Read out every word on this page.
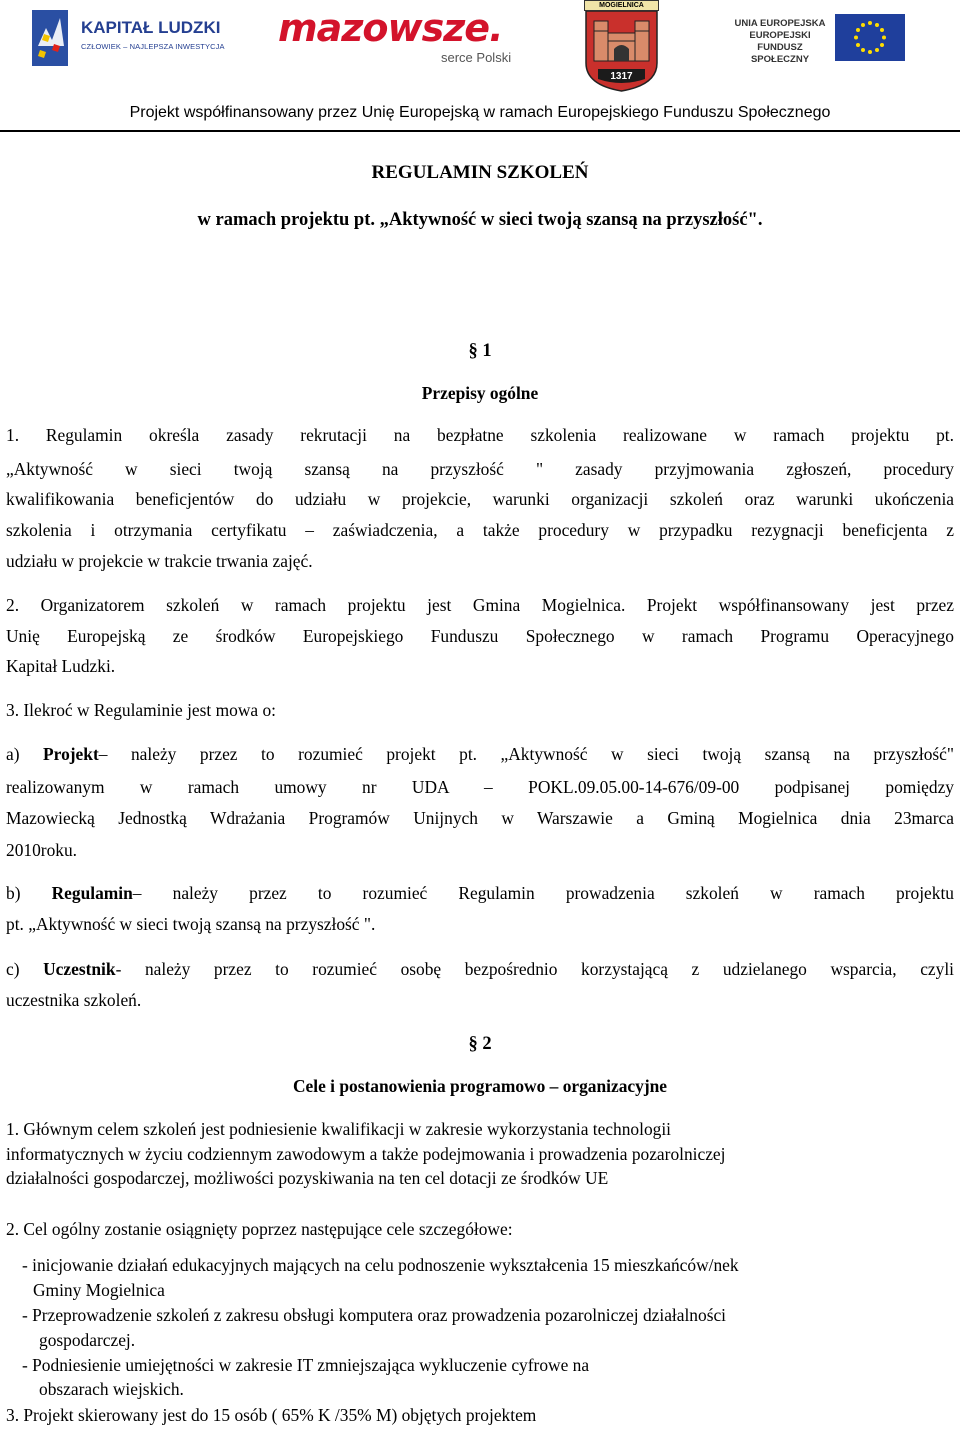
KAPITAŁ LUDZKI
CZŁOWIEK – NAJLEPSZA INWESTYCJA mazowsze.
serce Polski
MOGIELNICA
1317
UNIA EUROPEJSKA
EUROPEJSKI
FUNDUSZ SPOŁECZNY
Projekt współfinansowany przez Unię Europejską w ramach Europejskiego Funduszu Społecznego
REGULAMIN SZKOLEŃ
w ramach projektu pt. „Aktywność w sieci twoją szansą na przyszłość".
§ 1
Przepisy ogólne
1. Regulamin określa zasady rekrutacji na bezpłatne szkolenia realizowane w ramach projektu pt.
„Aktywność w sieci twoją szansą na przyszłość " zasady przyjmowania zgłoszeń, procedury
kwalifikowania beneficjentów do udziału w projekcie, warunki organizacji szkoleń oraz warunki ukończenia
szkolenia i otrzymania certyfikatu – zaświadczenia, a także procedury w przypadku rezygnacji beneficjenta z
udziału w projekcie w trakcie trwania zajęć.
2. Organizatorem szkoleń w ramach projektu jest Gmina Mogielnica. Projekt współfinansowany jest przez
Unię Europejską ze środków Europejskiego Funduszu Społecznego w ramach Programu Operacyjnego
Kapitał Ludzki.
3. Ilekroć w Regulaminie jest mowa o:
a) Projekt– należy przez to rozumieć projekt pt. „Aktywność w sieci twoją szansą na przyszłość"
realizowanym w ramach umowy nr UDA – POKL.09.05.00-14-676/09-00 podpisanej pomiędzy
Mazowiecką Jednostką Wdrażania Programów Unijnych w Warszawie a Gminą Mogielnica dnia 23marca
2010roku.
b) Regulamin– należy przez to rozumieć Regulamin prowadzenia szkoleń w ramach projektu
pt. „Aktywność w sieci twoją szansą na przyszłość ".
c) Uczestnik- należy przez to rozumieć osobę bezpośrednio korzystającą z udzielanego wsparcia, czyli
uczestnika szkoleń.
§ 2
Cele i postanowienia programowo – organizacyjne
1. Głównym celem szkoleń jest podniesienie kwalifikacji w zakresie wykorzystania technologii
informatycznych w życiu codziennym zawodowym a także podejmowania i prowadzenia pozarolniczej
działalności gospodarczej, możliwości pozyskiwania na ten cel dotacji ze środków UE
2. Cel ogólny zostanie osiągnięty poprzez następujące cele szczegółowe:
- inicjowanie działań edukacyjnych mających na celu podnoszenie wykształcenia 15 mieszkańców/nek
Gminy Mogielnica
- Przeprowadzenie szkoleń z zakresu obsługi komputera oraz prowadzenia pozarolniczej działalności
gospodarczej.
- Podniesienie umiejętności w zakresie IT zmniejszająca wykluczenie cyfrowe na
obszarach wiejskich.
3. Projekt skierowany jest do 15 osób ( 65% K /35% M) objętych projektem
